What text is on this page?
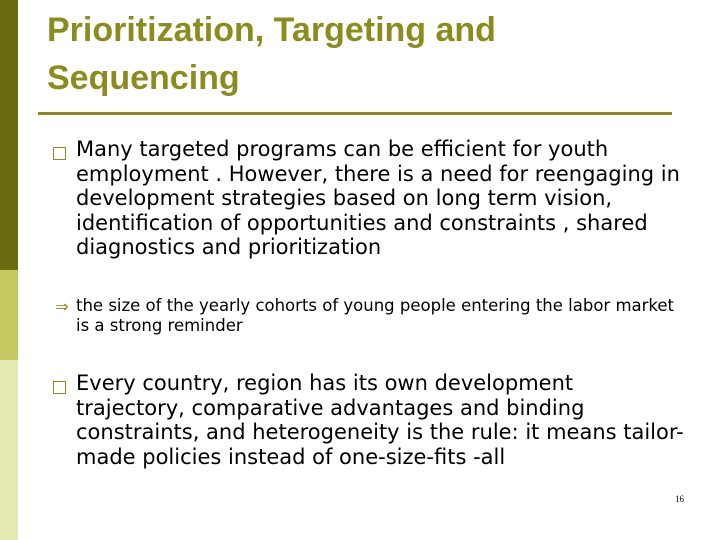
Prioritization, Targeting and Sequencing

Many targeted programs can be efficient for youth employment . However, there is a need for reengaging in development strategies based on long term vision, identification of opportunities and constraints , shared diagnostics and prioritization

⇒ the size of the yearly cohorts of young people entering the labor market is a strong reminder

Every country, region has its own development trajectory, comparative advantages and binding constraints, and heterogeneity is the rule: it means tailor-made policies instead of one-size-fits -all

16
